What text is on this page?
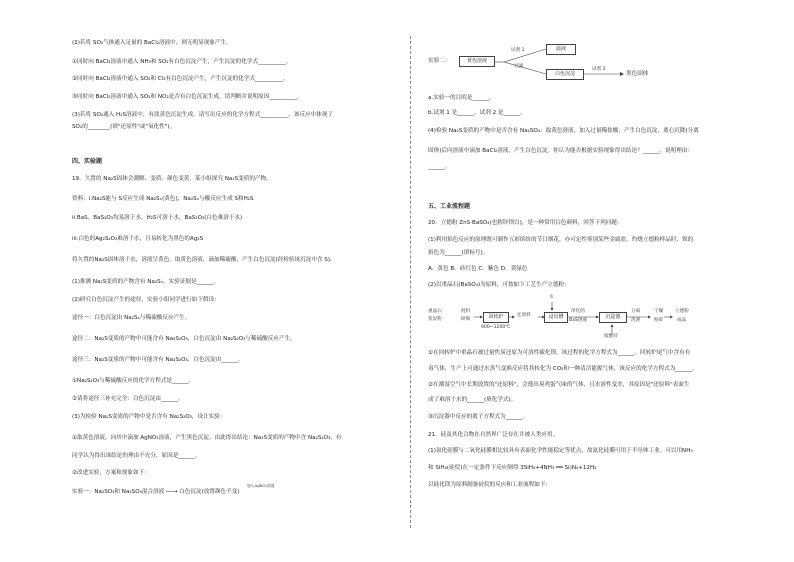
(2)若将 SO₂气体通入足量的 BaCl₂溶液中，则无明显现象产生。
①同时向 BaCl₂溶液中通入 NH₃和 SO₂有白色沉淀产生，产生沉淀的化学式__________。
②同时向 BaCl₂溶液中通入 SO₂和 Cl₂有白色沉淀产生，产生沉淀的化学式__________。
③同时向 BaCl₂溶液中通入 SO₂和 NO₂是否有白色沉淀生成，请判断并说明原因__________。
(3)若将 SO₂通入 H₂S溶液中，有淡黄色沉淀生成，请写出反应的化学方程式__________，该反应中体现了
SO₂的________(填"还原性"或"氧化性")。
四、实验题
19．久置的 Na₂S固体会潮解、变质、颜色变黄，某小组探究 Na₂S变质的产物。
资料：i.Na₂S能与 S反应生成 Na₂Sₓ(黄色)，Na₂Sₓ与酸反应生成 S和H₂S
ii.BaS、BaS₂O₃均易溶于水，H₂S可溶于水，BaS₂O₃(白色难溶于水)
iii.白色的Ag₂S₂O₃难溶于水，且易转化为黑色的Ag₂S
将久置的Na₂S固体溶于水，溶液呈黄色。取黄色溶液，滴加稀硫酸，产生白色沉淀(经检验该沉淀中含 S)。
(1)推测 Na₂S变质的产物含有 Na₂Sₓ，实验证据是______。
(2)研究白色沉淀产生的途径，实验小组同学进行如下假设：
途径一：白色沉淀由 Na₂Sₓ与稀硫酸反应产生。
途径二：Na₂S变质的产物中可能含有 Na₂S₂O₃，白色沉淀由 Na₂S₂O₃与稀硫酸反应产生。
途径三：Na₂S变质的产物中可能含有 Na₂S₂O₃，白色沉淀由______。
①Na₂S₂O₃与稀硫酸反应的化学方程式是______。
②请将途径三补充完全：白色沉淀由______。
(3)为检验 Na₂S变质的产物中是否含有 Na₂S₂O₃，设计实验：
①取黄色溶液，向其中滴加 AgNO₃溶液，产生黑色沉淀。由此得出结论：Na₂S变质的产物中含 Na₂S₂O₃，有
同学认为得出该结论的理由不充分，原因是______。
②改进实验，方案和现象如下：
实验一：Na₂SO₃和 Na₂SO₄混合溶液 ──→ 白色沉淀(放置颜色不变)
加入AgNO₃溶液
实验二：	黄色溶液
试剂 1
过滤
滤液
白色沉淀
试剂 2
黑色固体
a.实验一的目的是______。
b.试剂 1 是______，试剂 2 是______。
(4)检验 Na₂S变质的产物中是否含有 Na₂SO₄：取黄色溶液，加入过量稀盐酸，产生白色沉淀，离心沉降(分离
固体)后向溶液中滴加 BaCl₂溶液，产生白色沉淀。你认为能否根据实验现象得出结论？______，说明理由：
______。
五、工业流程题
20．立德粉 ZnS·BaSO₄(也称锌钡白)，是一种常用白色颜料，回答下列问题：
(1)利用焰色反应的原理既可制作五彩缤纷的节日烟花，亦可定性鉴别某些金属盐。灼烧立德粉样品时，钡的
焰色为______(填标号)。
A．黄色 B．砖红色 C．紫色 D．黄绿色
(2)以重晶石(BaSO₄)为原料，可按如下工艺生产立德粉：
重晶石
焦炭粉
混料
研细	回转炉
900~1200℃
还原料
水
浸出槽
净化的
BaS溶液
沉淀器
硫酸锌
分离
洗涤
干燥
粉碎
立德粉
成品
①在回转炉中重晶石被过量焦炭还原为可溶性硫化钡，该过程的化学方程式为______。回转炉尾气中含有有
毒气体，生产上可通过水蒸气变换反应将其转化为 CO₂和一种清洁能源气体，该反应的化学方程式为______。
②在潮湿空气中长期放置的"还原料"，会逸出臭鸡蛋气味的气体，且水溶性变差，其原因是"还原料"表面生
成了难溶于水的______(填化学式)。
③沉淀器中反应的离子方程式为______。
21．硅及其化合物在自然界广泛存在并被人类应用。
(1)氮化硅膜与二氧化硅膜相比较具有表面化学性能稳定等优点，故氮化硅膜可用于半导体工业。可以用NH₃
和 SiH₄(硅烷)在一定条件下反应制得 3SiH₄+4NH₃ ══ Si₃N₄+12H₂
以硅化镁为原料制备硅烷的反应和工业流程如下：
